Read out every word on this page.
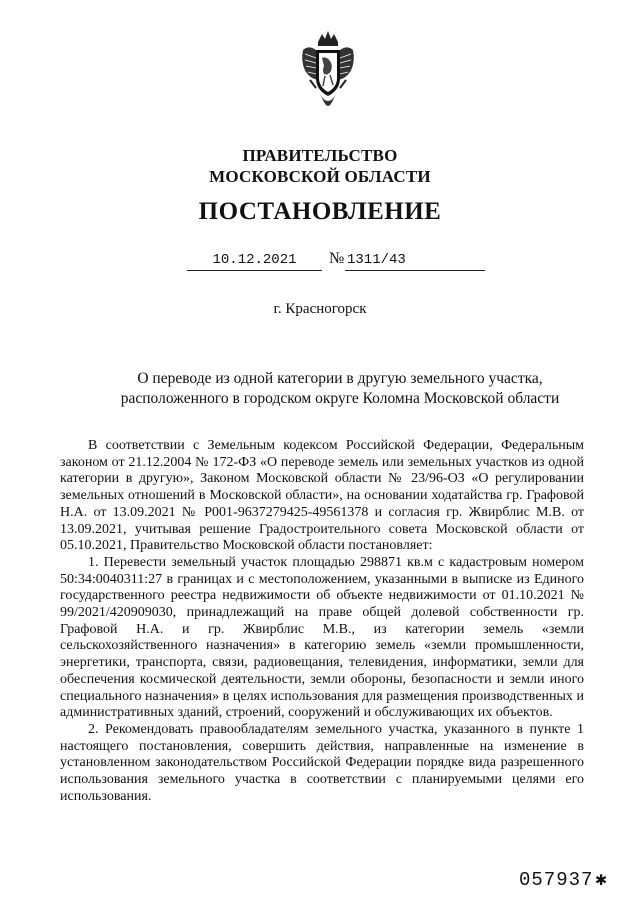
ПРАВИТЕЛЬСТВО
МОСКОВСКОЙ ОБЛАСТИ
ПОСТАНОВЛЕНИЕ
10.12.2021	№ 1311/43
г. Красногорск
О переводе из одной категории в другую земельного участка,
расположенного в городском округе Коломна Московской области

В соответствии с Земельным кодексом Российской Федерации, Федеральным законом от 21.12.2004 № 172-ФЗ «О переводе земель или земельных участков из одной категории в другую», Законом Московской области № 23/96-ОЗ «О регулировании земельных отношений в Московской области», на основании ходатайства гр. Графовой Н.А. от 13.09.2021 № Р001-9637279425-49561378 и согласия гр. Жвирблис М.В. от 13.09.2021, учитывая решение Градостроительного совета Московской области от 05.10.2021, Правительство Московской области постановляет:

1. Перевести земельный участок площадью 298871 кв.м с кадастровым номером 50:34:0040311:27 в границах и с местоположением, указанными в выписке из Единого государственного реестра недвижимости об объекте недвижимости от 01.10.2021 № 99/2021/420909030, принадлежащий на праве общей долевой собственности гр. Графовой Н.А. и гр. Жвирблис М.В., из категории земель «земли сельскохозяйственного назначения» в категорию земель «земли промышленности, энергетики, транспорта, связи, радиовещания, телевидения, информатики, земли для обеспечения космической деятельности, земли обороны, безопасности и земли иного специального назначения» в целях использования для размещения производственных и административных зданий, строений, сооружений и обслуживающих их объектов.

2. Рекомендовать правообладателям земельного участка, указанного в пункте 1 настоящего постановления, совершить действия, направленные на изменение в установленном законодательством Российской Федерации порядке вида разрешенного использования земельного участка в соответствии с планируемыми целями его использования.

057937 ✱
